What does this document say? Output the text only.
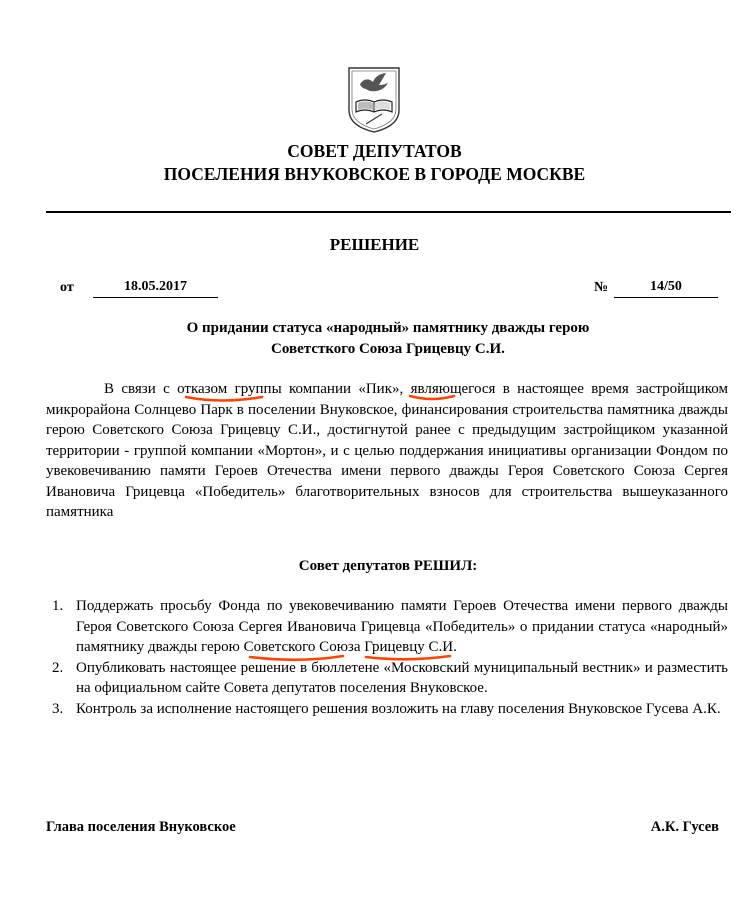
СОВЕТ ДЕПУТАТОВ
ПОСЕЛЕНИЯ ВНУКОВСКОЕ В ГОРОДЕ МОСКВЕ
РЕШЕНИЕ
от	18.05.2017	№	14/50
О придании статуса «народный» памятнику дважды герою
Советсткого Союза Грицевцу С.И.
В связи с отказом группы компании «Пик», являющегося в настоящее время застройщиком микрорайона Солнцево Парк в поселении Внуковское, финансирования строительства памятника дважды герою Советского Союза Грицевцу С.И., достигнутой ранее с предыдущим застройщиком указанной территории - группой компании «Мортон», и с целью поддержания инициативы организации Фондом по увековечиванию памяти Героев Отечества имени первого дважды Героя Советского Союза Сергея Ивановича Грицевца «Победитель» благотворительных взносов для строительства вышеуказанного памятника
Совет депутатов РЕШИЛ:
1. Поддержать просьбу Фонда по увековечиванию памяти Героев Отечества имени первого дважды Героя Советского Союза Сергея Ивановича Грицевца «Победитель» о придании статуса «народный» памятнику дважды герою Советского Союза Грицевцу С.И.
2. Опубликовать настоящее решение в бюллетене «Московский муниципальный вестник» и разместить на официальном сайте Совета депутатов поселения Внуковское.
3. Контроль за исполнение настоящего решения возложить на главу поселения Внуковское Гусева А.К.
Глава поселения Внуковское	А.К. Гусев
